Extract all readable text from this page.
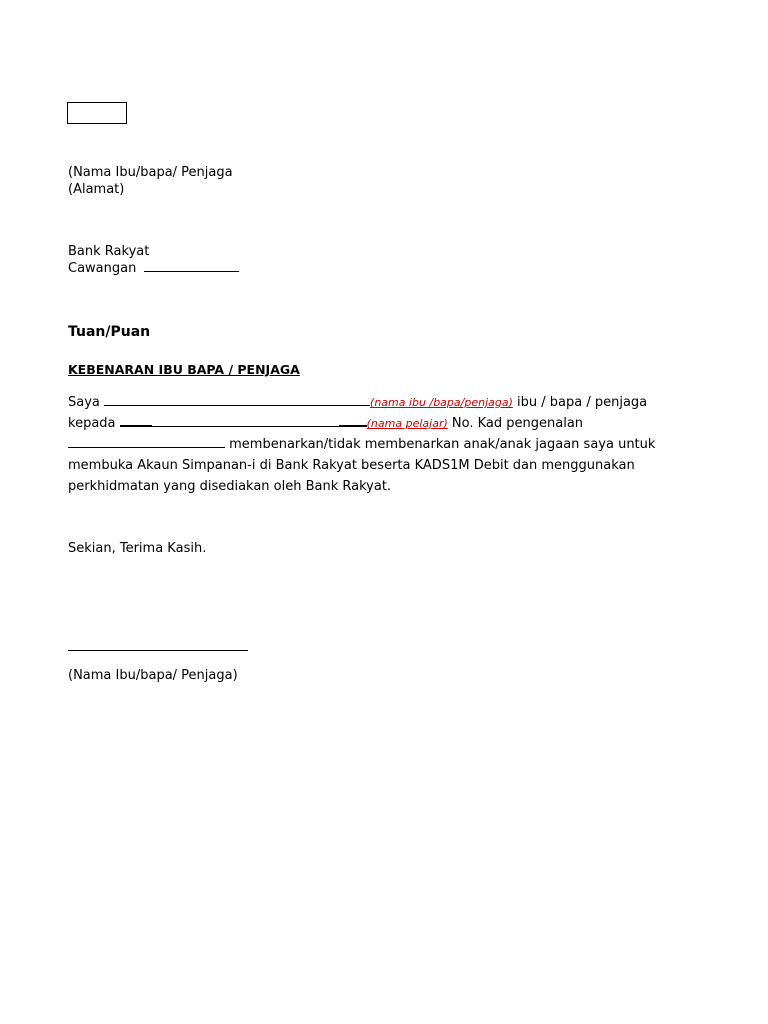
(Nama Ibu/bapa/ Penjaga
(Alamat)
Bank Rakyat
Cawangan
Tuan/Puan
KEBENARAN IBU BAPA / PENJAGA
Saya	(nama ibu /bapa/penjaga) ibu / bapa / penjaga
kepada	(nama pelajar) No. Kad pengenalan
membenarkan/tidak membenarkan anak/anak jagaan saya untuk
membuka Akaun Simpanan-i di Bank Rakyat beserta KADS1M Debit dan menggunakan
perkhidmatan yang disediakan oleh Bank Rakyat.
Sekian, Terima Kasih.
(Nama Ibu/bapa/ Penjaga)
